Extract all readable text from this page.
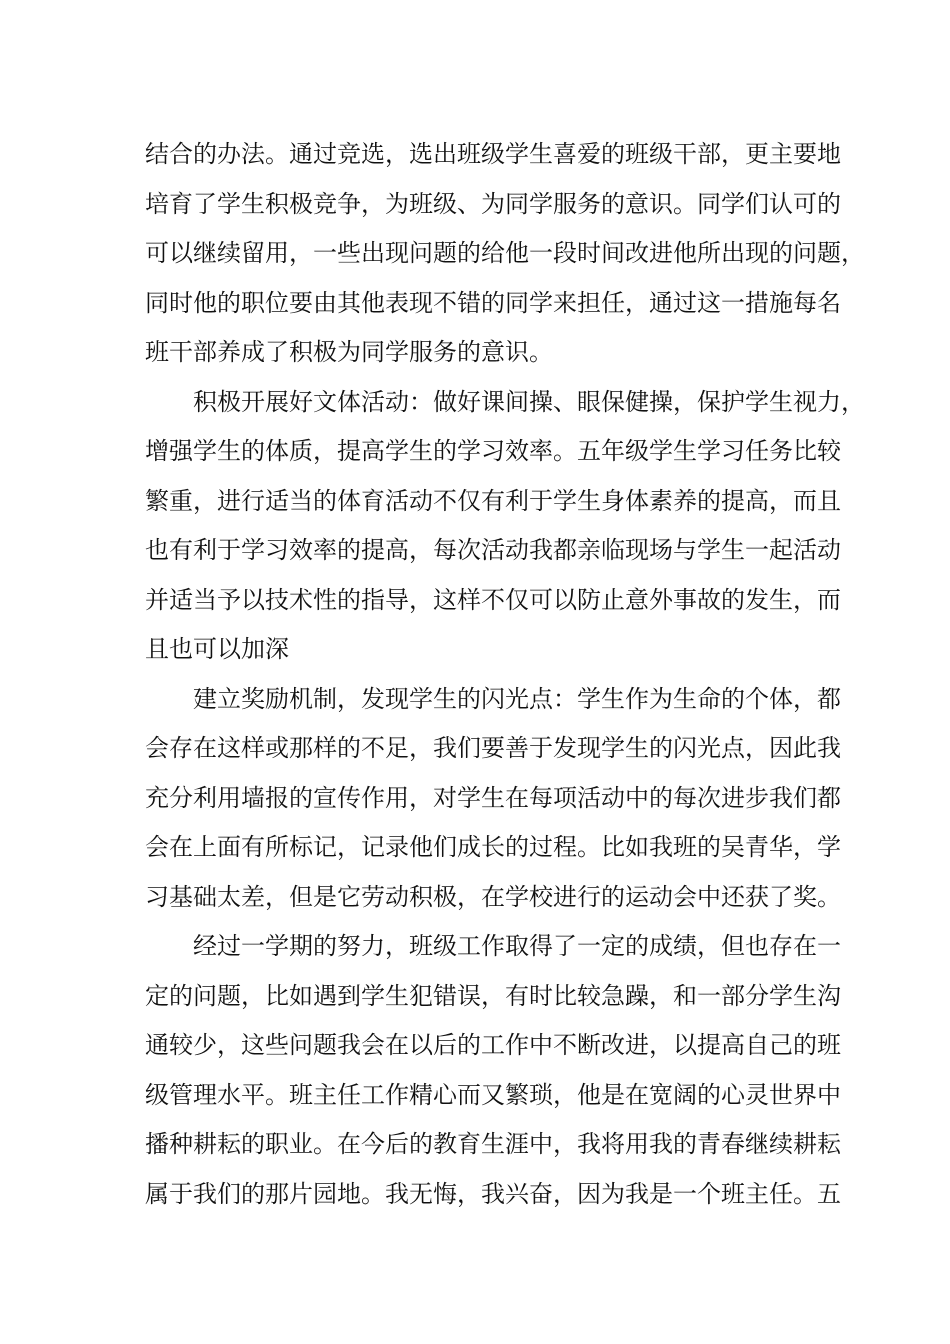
结合的办法。通过竞选，选出班级学生喜爱的班级干部，更主要地
培育了学生积极竞争，为班级、为同学服务的意识。同学们认可的
可以继续留用，一些出现问题的给他一段时间改进他所出现的问题，
同时他的职位要由其他表现不错的同学来担任，通过这一措施每名
班干部养成了积极为同学服务的意识。
积极开展好文体活动：做好课间操、眼保健操，保护学生视力，
增强学生的体质，提高学生的学习效率。五年级学生学习任务比较
繁重，进行适当的体育活动不仅有利于学生身体素养的提高，而且
也有利于学习效率的提高，每次活动我都亲临现场与学生一起活动
并适当予以技术性的指导，这样不仅可以防止意外事故的发生，而
且也可以加深
建立奖励机制，发现学生的闪光点：学生作为生命的个体，都
会存在这样或那样的不足，我们要善于发现学生的闪光点，因此我
充分利用墙报的宣传作用，对学生在每项活动中的每次进步我们都
会在上面有所标记，记录他们成长的过程。比如我班的吴青华，学
习基础太差，但是它劳动积极，在学校进行的运动会中还获了奖。
经过一学期的努力，班级工作取得了一定的成绩，但也存在一
定的问题，比如遇到学生犯错误，有时比较急躁，和一部分学生沟
通较少，这些问题我会在以后的工作中不断改进，以提高自己的班
级管理水平。班主任工作精心而又繁琐，他是在宽阔的心灵世界中
播种耕耘的职业。在今后的教育生涯中，我将用我的青春继续耕耘
属于我们的那片园地。我无悔，我兴奋，因为我是一个班主任。五
